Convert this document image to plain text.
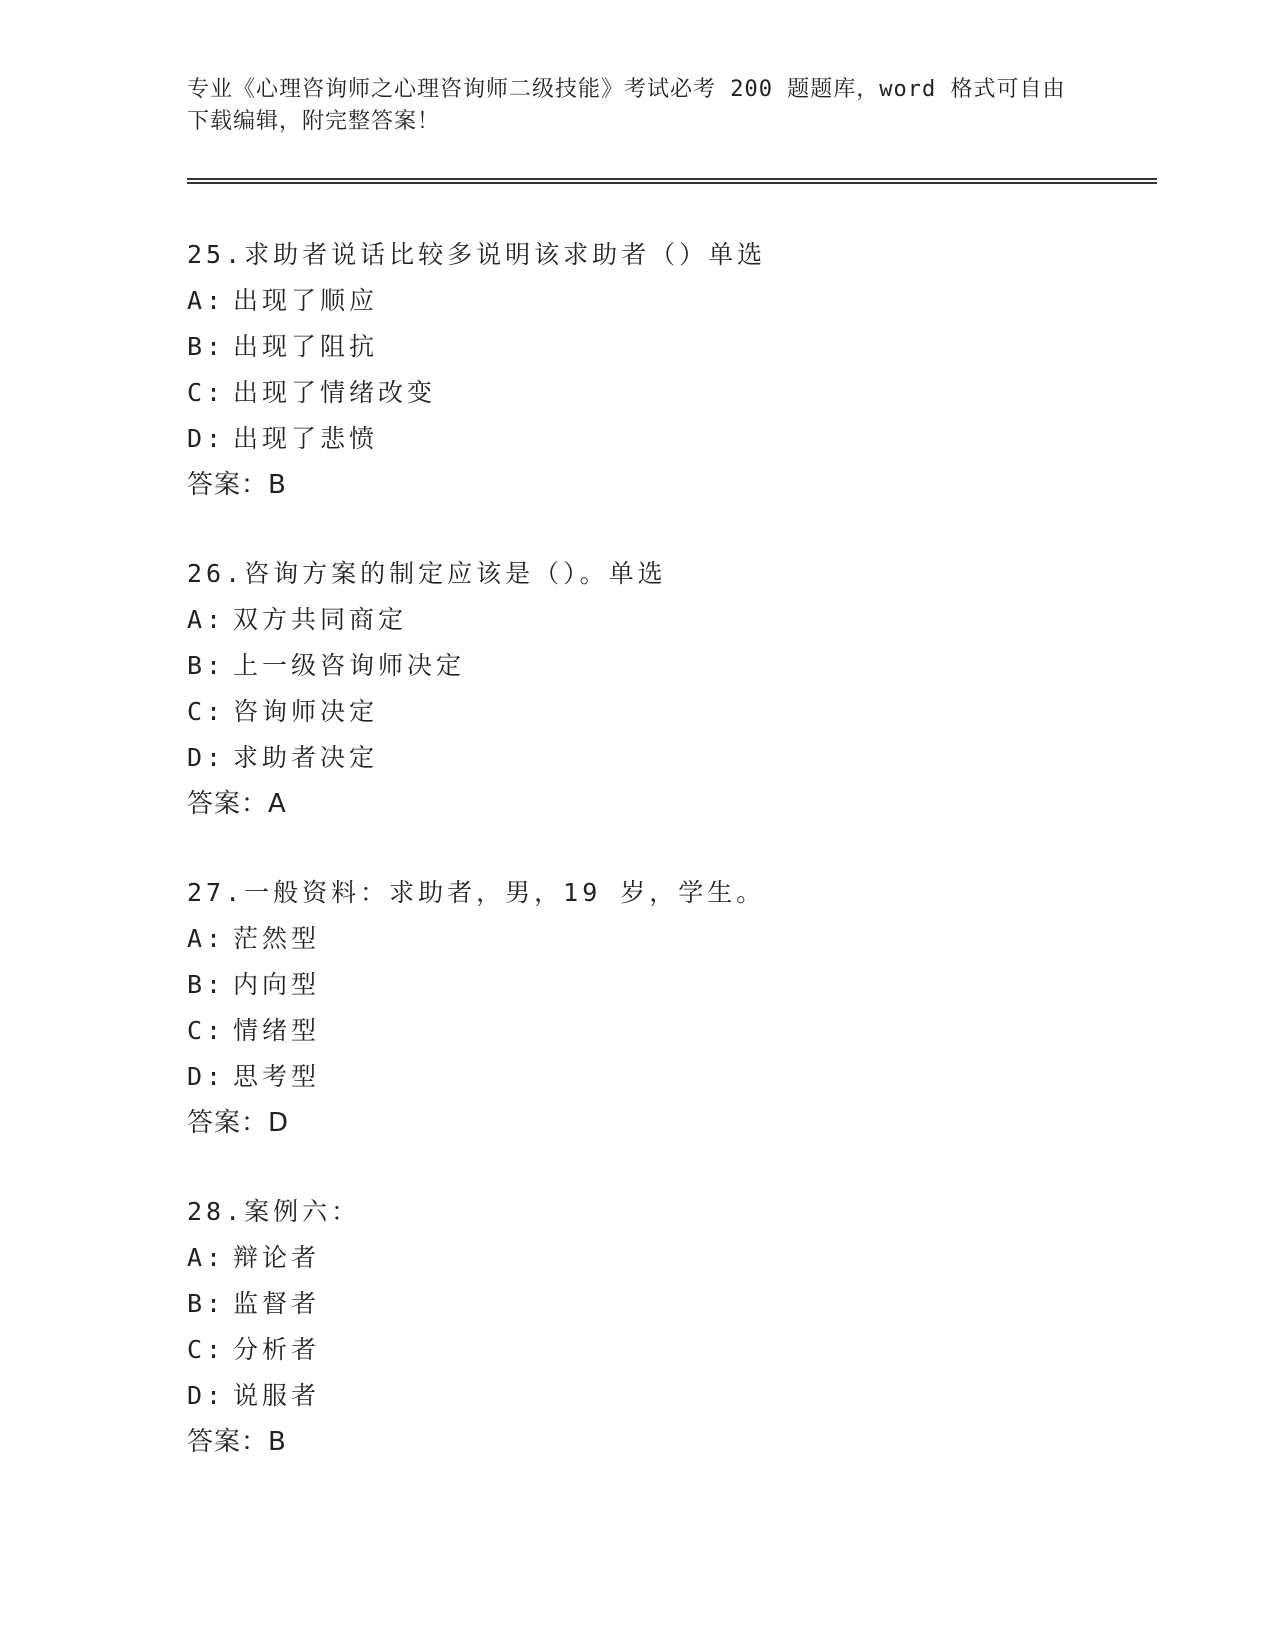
专业《心理咨询师之心理咨询师二级技能》考试必考 200 题题库，word 格式可自由下载编辑，附完整答案！
25.求助者说话比较多说明该求助者（）单选
A: 出现了顺应
B: 出现了阻抗
C: 出现了情绪改变
D: 出现了悲愤
答案：B
26.咨询方案的制定应该是（）。单选
A: 双方共同商定
B: 上一级咨询师决定
C: 咨询师决定
D: 求助者决定
答案：A
27.一般资料：求助者，男，19 岁，学生。
A: 茫然型
B: 内向型
C: 情绪型
D: 思考型
答案：D
28.案例六：
A: 辩论者
B: 监督者
C: 分析者
D: 说服者
答案：B
